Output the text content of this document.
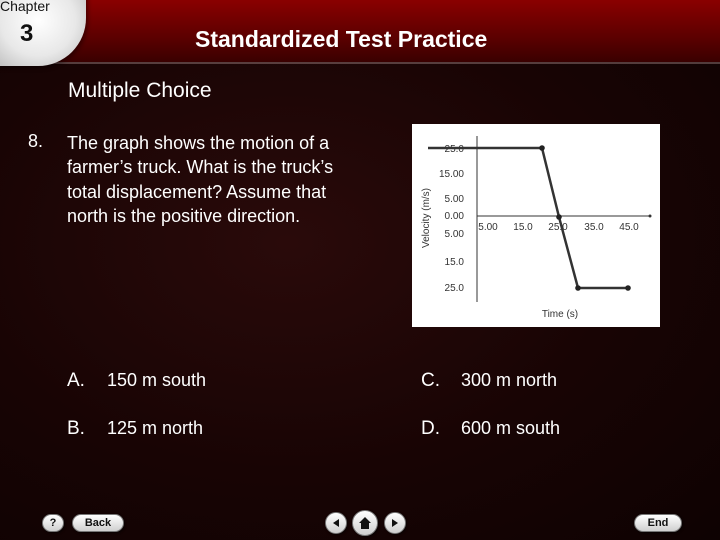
Chapter
3	Standardized Test Practice
Multiple Choice
8. The graph shows the motion of a farmer’s truck. What is the truck’s total displacement? Assume that north is the positive direction.
25.0
15.00
5.00
0.00
5.00
15.0
25.0
5.00 15.0 25.0 35.0 45.0
Velocity (m/s)
Time (s)
A. 150 m south
B. 125 m north
C. 300 m north
D. 600 m south
?	Back	End
